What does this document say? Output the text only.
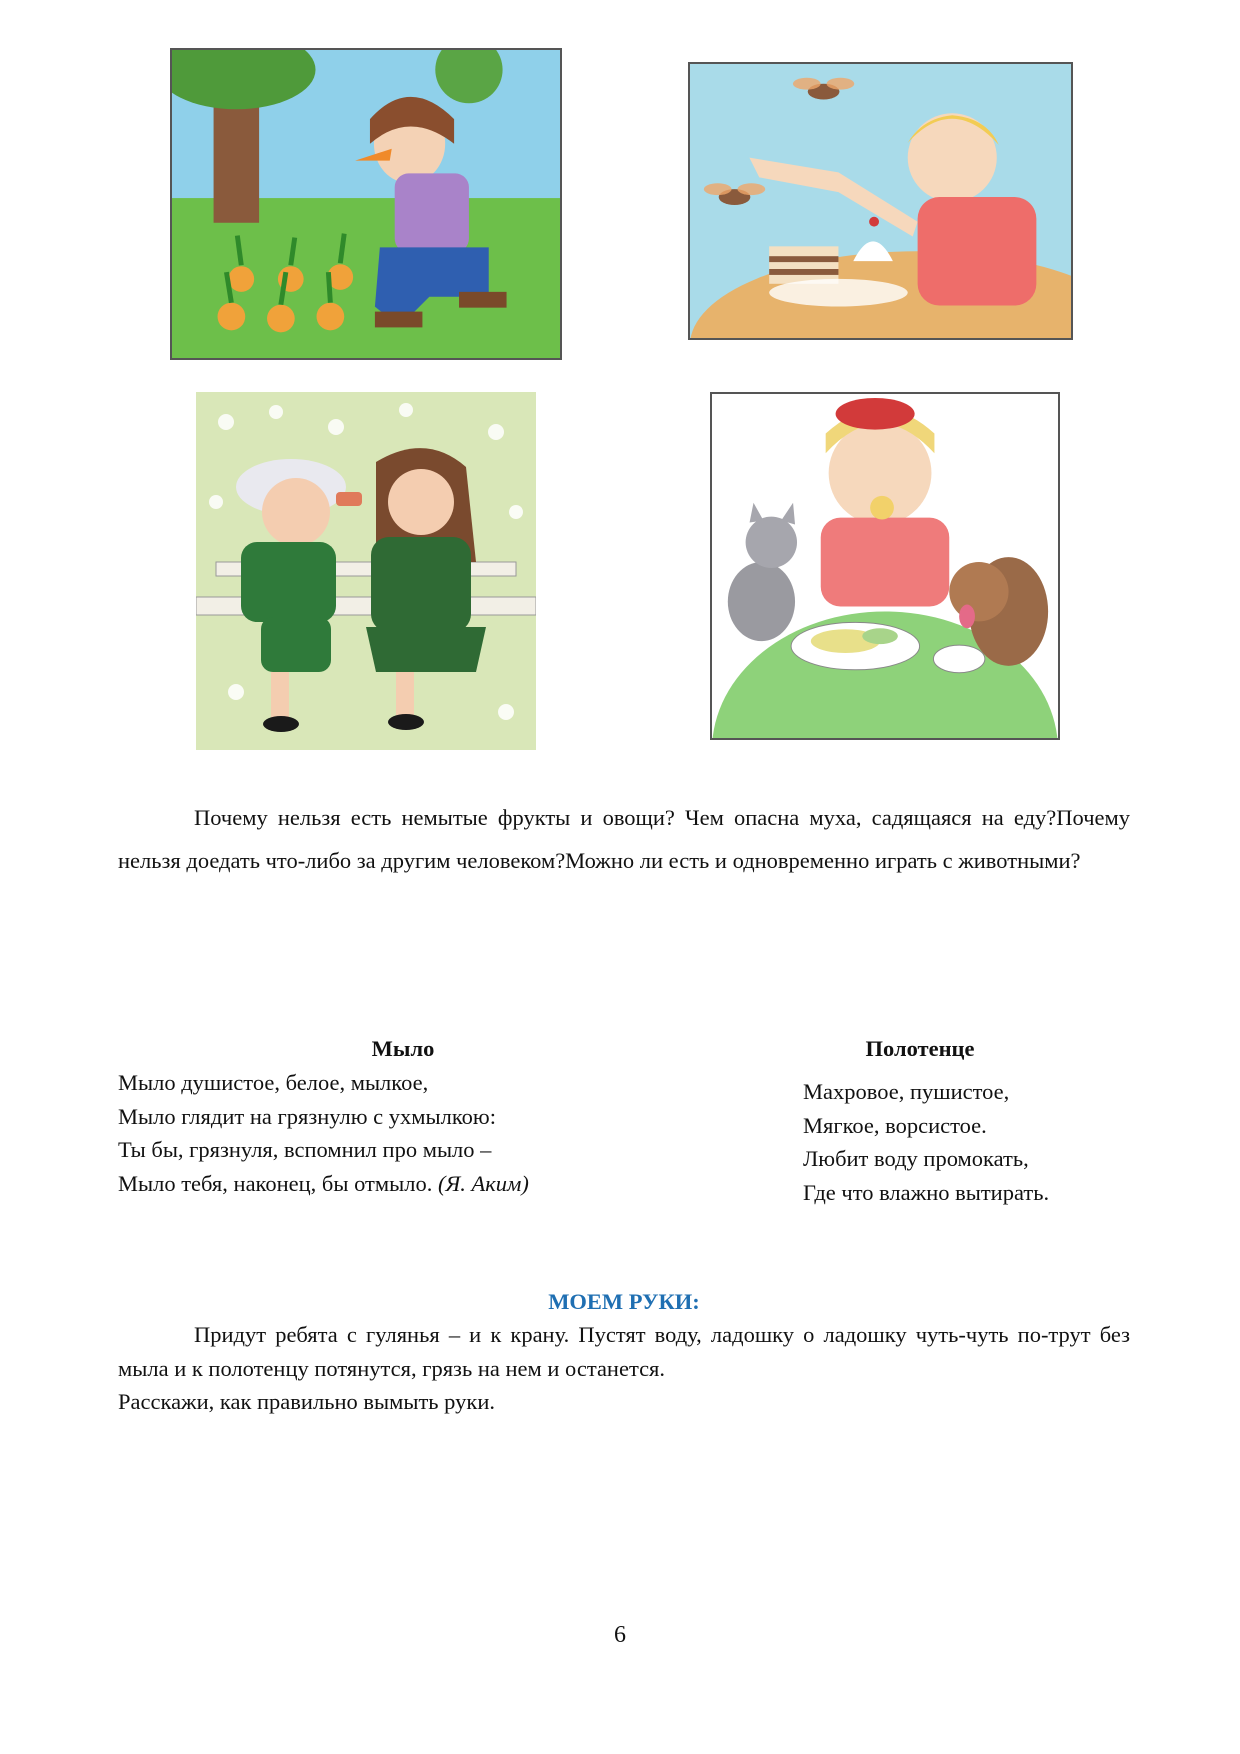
Почему нельзя есть немытые фрукты и овощи? Чем опасна муха, садящаяся на еду?Почему нельзя доедать что-либо за другим человеком?Можно ли есть и одновременно играть с животными?

Мыло
Мыло душистое, белое, мылкое,
Мыло глядит на грязнулю с ухмылкою:
Ты бы, грязнуля, вспомнил про мыло –
Мыло тебя, наконец, бы отмыло. (Я. Аким)
Полотенце
Махровое, пушистое,
Мягкое, ворсистое.
Любит воду промокать,
Где что влажно вытирать.
МОЕМ РУКИ:

Придут ребята с гулянья – и к крану. Пустят воду, ладошку о ладошку чуть-чуть по-трут без мыла и к полотенцу потянутся, грязь на нем и останется.

Расскажи, как правильно вымыть руки.

6
